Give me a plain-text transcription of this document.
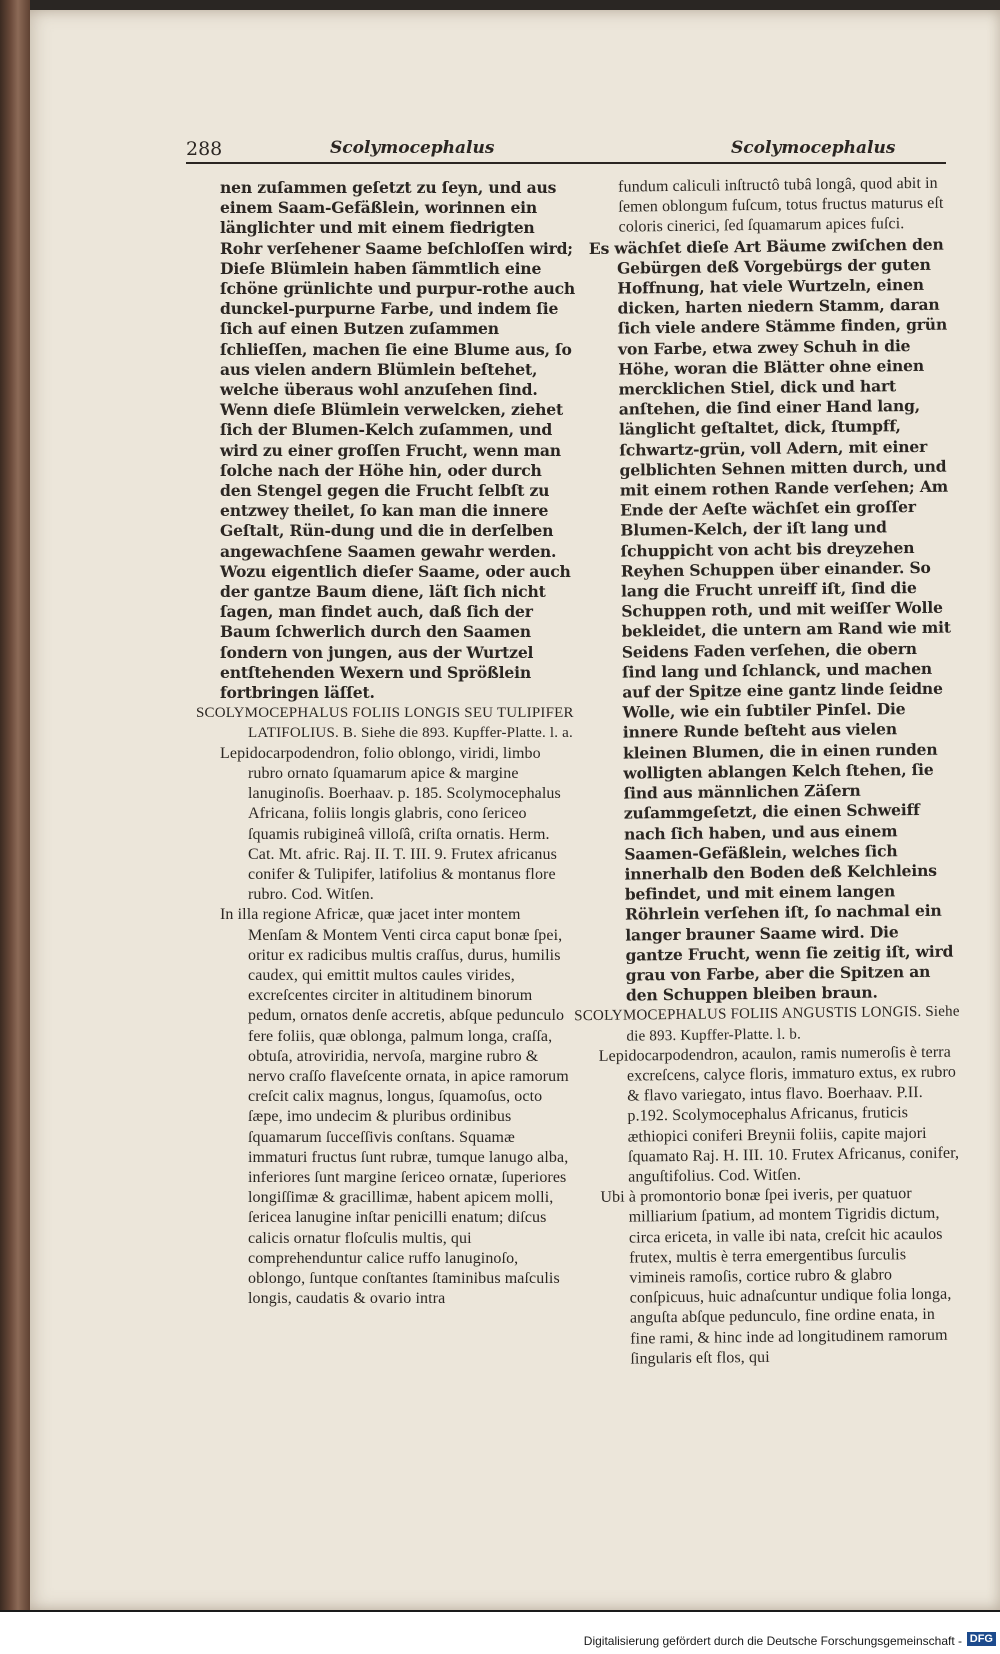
288	Scolymocephalus	Scolymocephalus

nen zuſammen geſetzt zu ſeyn, und aus einem Saam-Gefäßlein, worinnen ein länglichter und mit einem fiedrigten Rohr verſehener Saame beſchloſſen wird; Dieſe Blümlein haben ſämmtlich eine ſchöne grünlichte und purpur-rothe auch dunckel-purpurne Farbe, und indem ſie ſich auf einen Butzen zuſammen ſchlieſſen, machen ſie eine Blume aus, ſo aus vielen andern Blümlein beſtehet, welche überaus wohl anzuſehen ſind. Wenn dieſe Blümlein verwelcken, ziehet ſich der Blumen-Kelch zuſammen, und wird zu einer groſſen Frucht, wenn man ſolche nach der Höhe hin, oder durch den Stengel gegen die Frucht ſelbſt zu entzwey theilet, ſo kan man die innere Geſtalt, Rün-dung und die in derſelben angewachſene Saamen gewahr werden. Wozu eigentlich dieſer Saame, oder auch der gantze Baum diene, läſt ſich nicht ſagen, man findet auch, daß ſich der Baum ſchwerlich durch den Saamen ſondern von jungen, aus der Wurtzel entſtehenden Wexern und Sprößlein fortbringen läſſet.

SCOLYMOCEPHALUS FOLIIS LONGIS SEU TULIPIFER LATIFOLIUS. B. Siehe die 893. Kupffer-Platte. l. a.

Lepidocarpodendron, folio oblongo, viridi, limbo rubro ornato ſquamarum apice & margine lanuginoſis. Boerhaav. p. 185. Scolymocephalus Africana, foliis longis glabris, cono ſericeo ſquamis rubigineâ villoſâ, criſta ornatis. Herm. Cat. Mt. afric. Raj. II. T. III. 9. Frutex africanus conifer & Tulipifer, latifolius & montanus flore rubro. Cod. Witſen.

In illa regione Africæ, quæ jacet inter montem Menſam & Montem Venti circa caput bonæ ſpei, oritur ex radicibus multis craſſus, durus, humilis caudex, qui emittit multos caules virides, excreſcentes circiter in altitudinem binorum pedum, ornatos denſe accretis, abſque pedunculo fere foliis, quæ oblonga, palmum longa, craſſa, obtuſa, atroviridia, nervoſa, margine rubro & nervo craſſo flaveſcente ornata, in apice ramorum creſcit calix magnus, longus, ſquamoſus, octo ſæpe, imo undecim & pluribus ordinibus ſquamarum ſucceſſivis conſtans. Squamæ immaturi fructus ſunt rubræ, tumque lanugo alba, inferiores ſunt margine ſericeo ornatæ, ſuperiores longiſſimæ & gracillimæ, habent apicem molli, ſericea lanugine inſtar penicilli enatum; diſcus calicis ornatur floſculis multis, qui comprehenduntur calice ruffo lanuginoſo, oblongo, ſuntque conſtantes ſtaminibus maſculis longis, caudatis & ovario intra

fundum caliculi inſtructô tubâ longâ, quod abit in ſemen oblongum fuſcum, totus fructus maturus eſt coloris cinerici, ſed ſquamarum apices fuſci.

Es wächſet dieſe Art Bäume zwiſchen den Gebürgen deß Vorgebürgs der guten Hoffnung, hat viele Wurtzeln, einen dicken, harten niedern Stamm, daran ſich viele andere Stämme finden, grün von Farbe, etwa zwey Schuh in die Höhe, woran die Blätter ohne einen mercklichen Stiel, dick und hart anſtehen, die ſind einer Hand lang, länglicht geſtaltet, dick, ſtumpff, ſchwartz-grün, voll Adern, mit einer gelblichten Sehnen mitten durch, und mit einem rothen Rande verſehen; Am Ende der Aeſte wächſet ein groſſer Blumen-Kelch, der iſt lang und ſchuppicht von acht bis dreyzehen Reyhen Schuppen über einander. So lang die Frucht unreiff iſt, ſind die Schuppen roth, und mit weiſſer Wolle bekleidet, die untern am Rand wie mit Seidens Faden verſehen, die obern ſind lang und ſchlanck, und machen auf der Spitze eine gantz linde ſeidne Wolle, wie ein ſubtiler Pinſel. Die innere Runde beſteht aus vielen kleinen Blumen, die in einen runden wolligten ablangen Kelch ſtehen, ſie ſind aus männlichen Zäſern zuſammgeſetzt, die einen Schweiff nach ſich haben, und aus einem Saamen-Gefäßlein, welches ſich innerhalb den Boden deß Kelchleins befindet, und mit einem langen Röhrlein verſehen iſt, ſo nachmal ein langer brauner Saame wird. Die gantze Frucht, wenn ſie zeitig iſt, wird grau von Farbe, aber die Spitzen an den Schuppen bleiben braun.

SCOLYMOCEPHALUS FOLIIS ANGUSTIS LONGIS. Siehe die 893. Kupffer-Platte. l. b.

Lepidocarpodendron, acaulon, ramis numeroſis è terra excreſcens, calyce floris, immaturo extus, ex rubro & flavo variegato, intus flavo. Boerhaav. P.II. p.192. Scolymocephalus Africanus, fruticis æthiopici coniferi Breynii foliis, capite majori ſquamato Raj. H. III. 10. Frutex Africanus, conifer, anguſtifolius. Cod. Witſen.

Ubi à promontorio bonæ ſpei iveris, per quatuor milliarium ſpatium, ad montem Tigridis dictum, circa ericeta, in valle ibi nata, creſcit hic acaulos frutex, multis è terra emergentibus ſurculis vimineis ramoſis, cortice rubro & glabro conſpicuus, huic adnaſcuntur undique folia longa, anguſta abſque pedunculo, fine ordine enata, in fine rami, & hinc inde ad longitudinem ramorum ſingularis eſt flos, qui

Digitalisierung gefördert durch die Deutsche Forschungsgemeinschaft - DFG
